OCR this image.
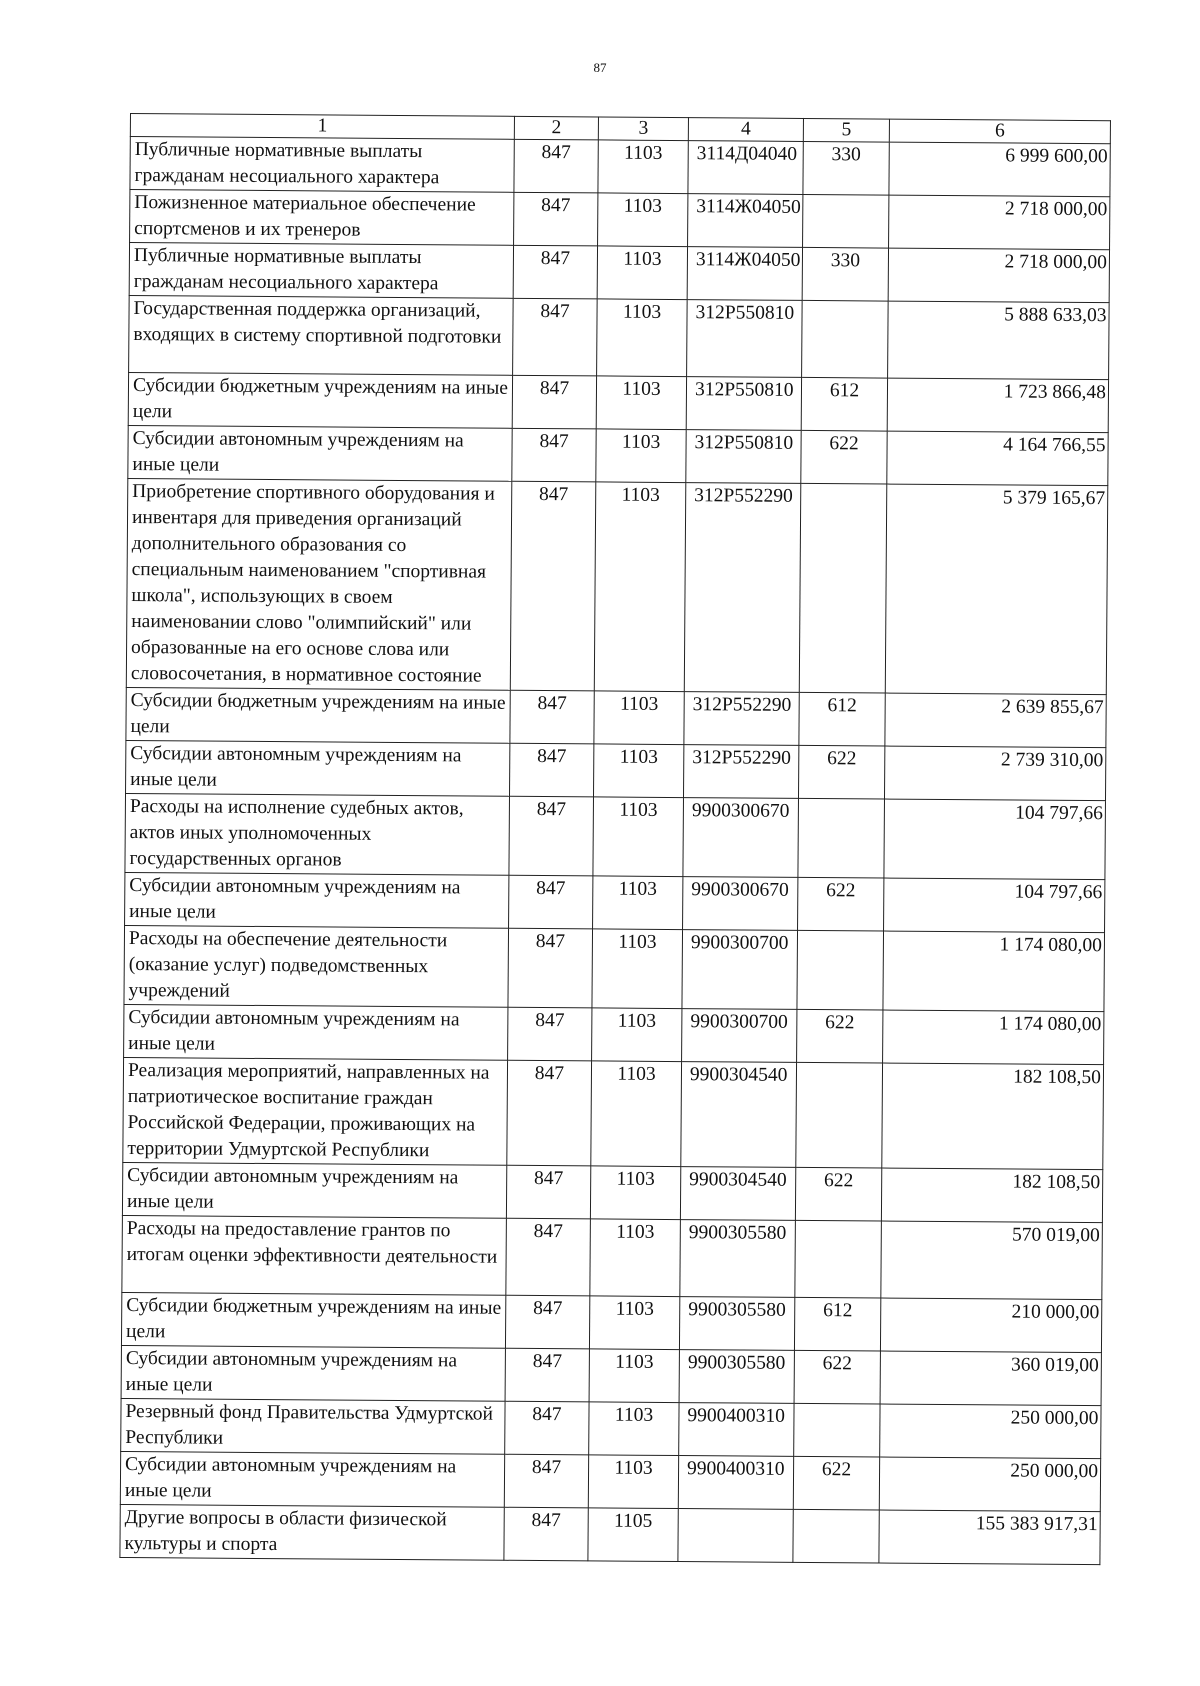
87
1	2	3	4	5	6
Публичные нормативные выплаты гражданам несоциального характера	847	1103	3114Д04040	330	6 999 600,00
Пожизненное материальное обеспечение спортсменов и их тренеров	847	1103	3114Ж04050		2 718 000,00
Публичные нормативные выплаты гражданам несоциального характера	847	1103	3114Ж04050	330	2 718 000,00
Государственная поддержка организаций, входящих в систему спортивной подготовки	847	1103	312Р550810		5 888 633,03
Субсидии бюджетным учреждениям на иные цели	847	1103	312Р550810	612	1 723 866,48
Субсидии автономным учреждениям на иные цели	847	1103	312Р550810	622	4 164 766,55
Приобретение спортивного оборудования и инвентаря для приведения организаций дополнительного образования со специальным наименованием "спортивная школа", использующих в своем наименовании слово "олимпийский" или образованные на его основе слова или словосочетания, в нормативное состояние	847	1103	312Р552290		5 379 165,67
Субсидии бюджетным учреждениям на иные цели	847	1103	312Р552290	612	2 639 855,67
Субсидии автономным учреждениям на иные цели	847	1103	312Р552290	622	2 739 310,00
Расходы на исполнение судебных актов, актов иных уполномоченных государственных органов	847	1103	9900300670		104 797,66
Субсидии автономным учреждениям на иные цели	847	1103	9900300670	622	104 797,66
Расходы на обеспечение деятельности (оказание услуг) подведомственных учреждений	847	1103	9900300700		1 174 080,00
Субсидии автономным учреждениям на иные цели	847	1103	9900300700	622	1 174 080,00
Реализация мероприятий, направленных на патриотическое воспитание граждан Российской Федерации, проживающих на территории Удмуртской Республики	847	1103	9900304540		182 108,50
Субсидии автономным учреждениям на иные цели	847	1103	9900304540	622	182 108,50
Расходы на предоставление грантов по итогам оценки эффективности деятельности	847	1103	9900305580		570 019,00
Субсидии бюджетным учреждениям на иные цели	847	1103	9900305580	612	210 000,00
Субсидии автономным учреждениям на иные цели	847	1103	9900305580	622	360 019,00
Резервный фонд Правительства Удмуртской Республики	847	1103	9900400310		250 000,00
Субсидии автономным учреждениям на иные цели	847	1103	9900400310	622	250 000,00
Другие вопросы в области физической культуры и спорта	847	1105			155 383 917,31
